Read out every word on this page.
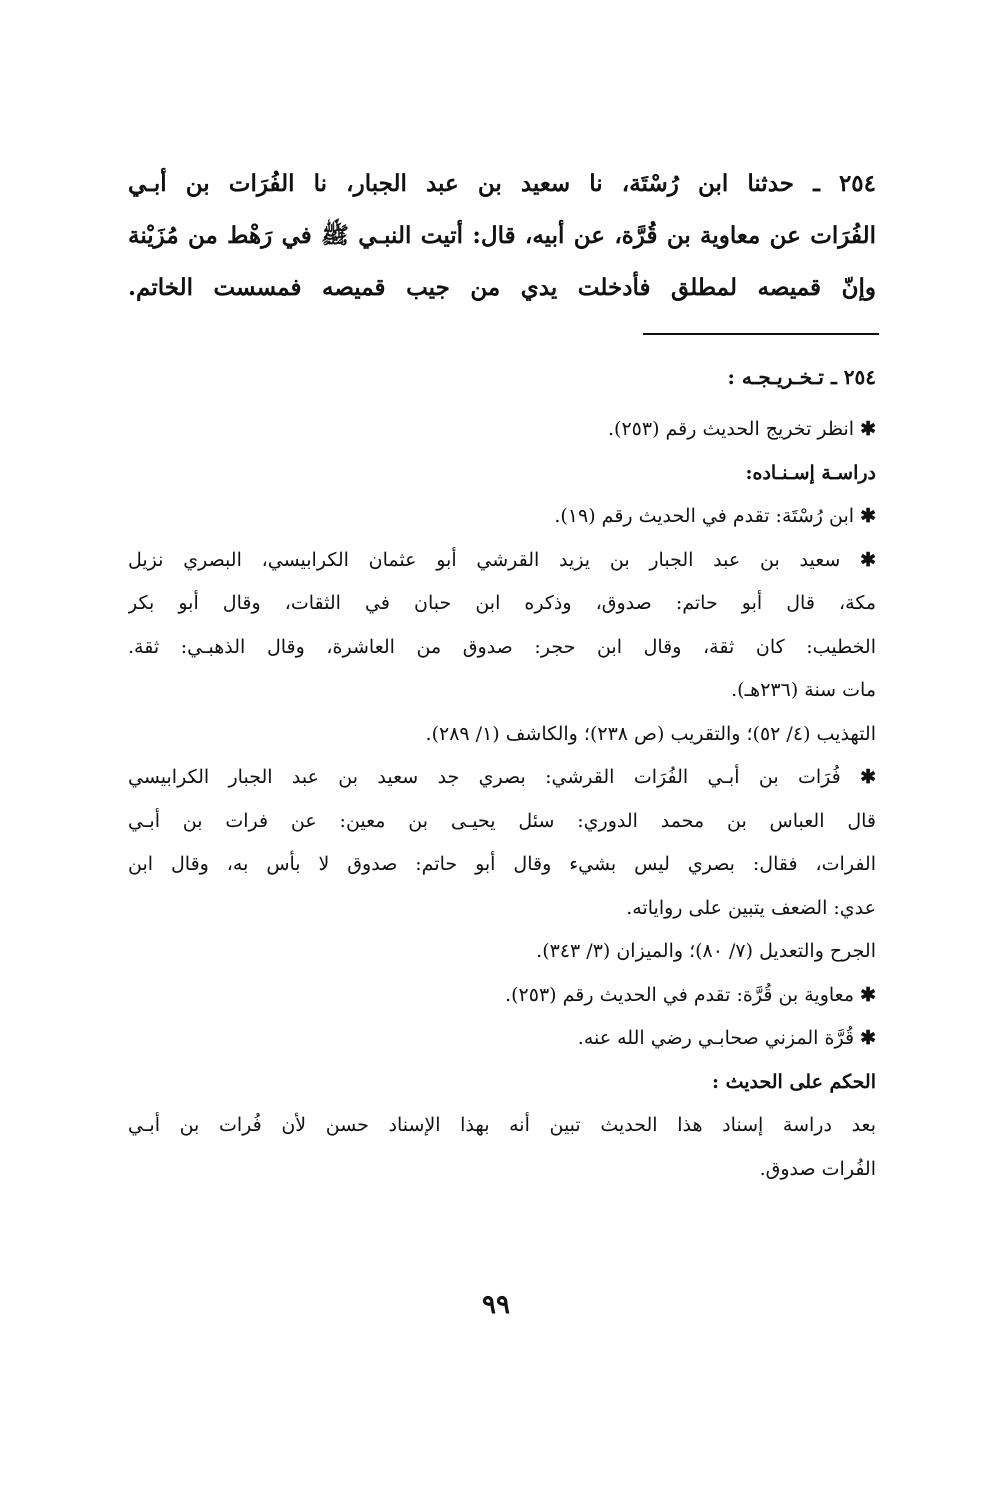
٢٥٤ ـ حدثنا ابن رُسْتَة، نا سعيد بن عبد الجبار، نا الفُرَات بن أبـي
الفُرَات عن معاوية بن قُرَّة، عن أبيه، قال: أتيت النبـي ﷺ في رَهْط من مُزَيْنة
وإنّ قميصه لمطلق فأدخلت يدي من جيب قميصه فمسست الخاتم.
٢٥٤ ـ تـخـريـجـه :
✱ انظر تخريج الحديث رقم (٢٥٣).
دراسـة إسـنـاده:
✱ ابن رُسْتَة: تقدم في الحديث رقم (١٩).
✱ سعيد بن عبد الجبار بن يزيد القرشي أبو عثمان الكرابيسي، البصري نزيل
مكة، قال أبو حاتم: صدوق، وذكره ابن حبان في الثقات، وقال أبو بكر
الخطيب: كان ثقة، وقال ابن حجر: صدوق من العاشرة، وقال الذهبـي: ثقة.
مات سنة (٢٣٦هـ).
التهذيب (٤/ ٥٢)؛ والتقريب (ص ٢٣٨)؛ والكاشف (١/ ٢٨٩).
✱ فُرَات بن أبـي الفُرَات القرشي: بصري جد سعيد بن عبد الجبار الكرابيسي
قال العباس بن محمد الدوري: سئل يحيـى بن معين: عن فرات بن أبـي
الفرات، فقال: بصري ليس بشيء وقال أبو حاتم: صدوق لا بأس به، وقال ابن
عدي: الضعف يتبين على رواياته.
الجرح والتعديل (٧/ ٨٠)؛ والميزان (٣/ ٣٤٣).
✱ معاوية بن قُرَّة: تقدم في الحديث رقم (٢٥٣).
✱ قُرَّة المزني صحابـي رضي الله عنه.
الحكم على الحديث :
بعد دراسة إسناد هذا الحديث تبين أنه بهذا الإسناد حسن لأن فُرات بن أبـي
الفُرات صدوق.
٩٩
